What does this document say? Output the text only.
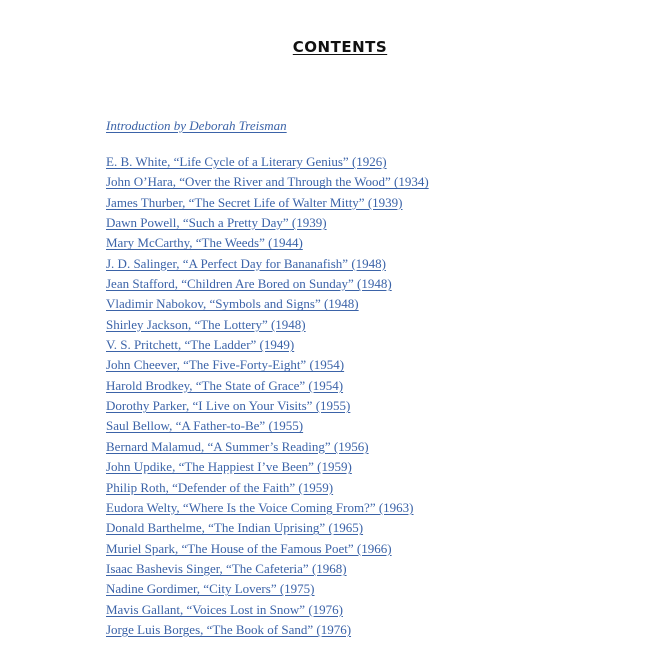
CONTENTS
Introduction by Deborah Treisman
E. B. White, “Life Cycle of a Literary Genius” (1926)
John O’Hara, “Over the River and Through the Wood” (1934)
James Thurber, “The Secret Life of Walter Mitty” (1939)
Dawn Powell, “Such a Pretty Day” (1939)
Mary McCarthy, “The Weeds” (1944)
J. D. Salinger, “A Perfect Day for Bananafish” (1948)
Jean Stafford, “Children Are Bored on Sunday” (1948)
Vladimir Nabokov, “Symbols and Signs” (1948)
Shirley Jackson, “The Lottery” (1948)
V. S. Pritchett, “The Ladder” (1949)
John Cheever, “The Five-Forty-Eight” (1954)
Harold Brodkey, “The State of Grace” (1954)
Dorothy Parker, “I Live on Your Visits” (1955)
Saul Bellow, “A Father-to-Be” (1955)
Bernard Malamud, “A Summer’s Reading” (1956)
John Updike, “The Happiest I’ve Been” (1959)
Philip Roth, “Defender of the Faith” (1959)
Eudora Welty, “Where Is the Voice Coming From?” (1963)
Donald Barthelme, “The Indian Uprising” (1965)
Muriel Spark, “The House of the Famous Poet” (1966)
Isaac Bashevis Singer, “The Cafeteria” (1968)
Nadine Gordimer, “City Lovers” (1975)
Mavis Gallant, “Voices Lost in Snow” (1976)
Jorge Luis Borges, “The Book of Sand” (1976)
